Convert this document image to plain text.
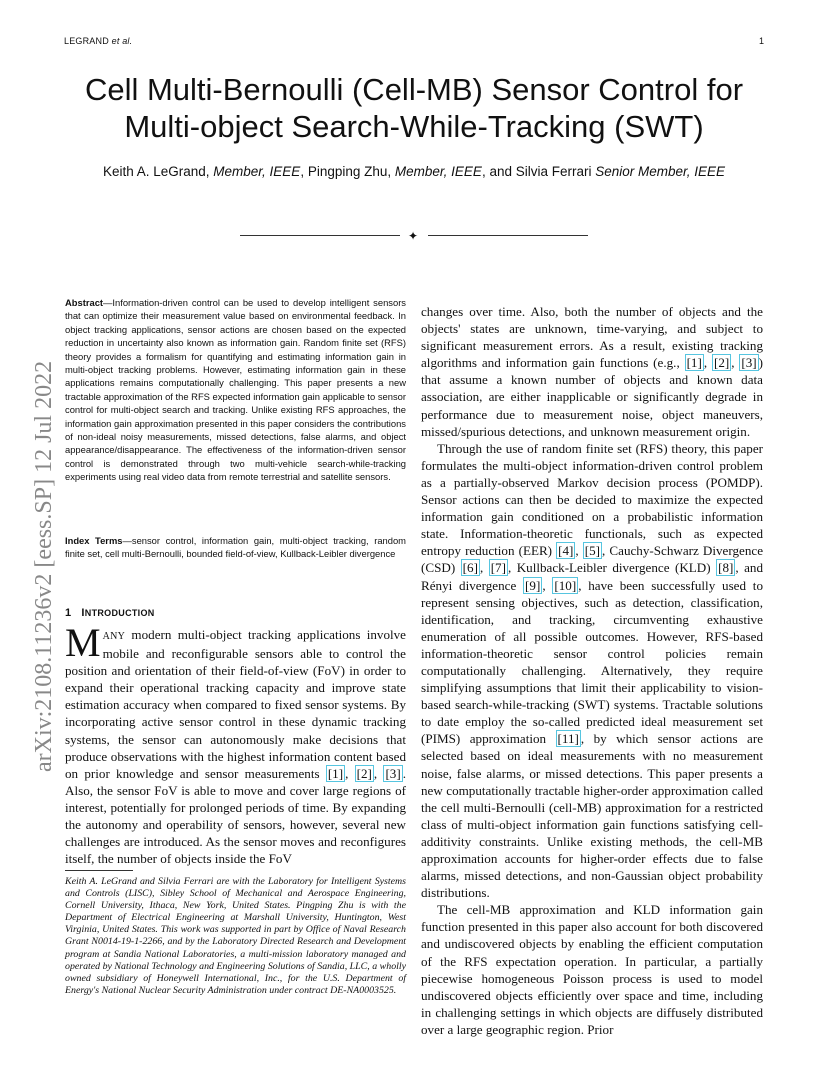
LEGRAND et al.	1
arXiv:2108.11236v2 [eess.SP] 12 Jul 2022
Cell Multi-Bernoulli (Cell-MB) Sensor Control for
Multi-object Search-While-Tracking (SWT)
Keith A. LeGrand, Member, IEEE, Pingping Zhu, Member, IEEE, and Silvia Ferrari Senior Member, IEEE
✦
Abstract—Information-driven control can be used to develop intelligent sensors that can optimize their measurement value based on environmental feedback. In object tracking applications, sensor actions are chosen based on the expected reduction in uncertainty also known as information gain. Random finite set (RFS) theory provides a formalism for quantifying and estimating information gain in multi-object tracking problems. However, estimating information gain in these applications remains computationally challenging. This paper presents a new tractable approximation of the RFS expected information gain applicable to sensor control for multi-object search and tracking. Unlike existing RFS approaches, the information gain approximation presented in this paper considers the contributions of non-ideal noisy measurements, missed detections, false alarms, and object appearance/disappearance. The effectiveness of the information-driven sensor control is demonstrated through two multi-vehicle search-while-tracking experiments using real video data from remote terrestrial and satellite sensors.
Index Terms—sensor control, information gain, multi-object tracking, random finite set, cell multi-Bernoulli, bounded field-of-view, Kullback-Leibler divergence
1 INTRODUCTION
MANY modern multi-object tracking applications involve mobile and reconfigurable sensors able to control the position and orientation of their field-of-view (FoV) in order to expand their operational tracking capacity and improve state estimation accuracy when compared to fixed sensor systems. By incorporating active sensor control in these dynamic tracking systems, the sensor can autonomously make decisions that produce observations with the highest information content based on prior knowledge and sensor measurements [1] , [2] , [3] . Also, the sensor FoV is able to move and cover large regions of interest, potentially for prolonged periods of time. By expanding the autonomy and operability of sensors, however, several new challenges are introduced. As the sensor moves and reconfigures itself, the number of objects inside the FoV
Keith A. LeGrand and Silvia Ferrari are with the Laboratory for Intelligent Systems and Controls (LISC), Sibley School of Mechanical and Aerospace Engineering, Cornell University, Ithaca, New York, United States. Pingping Zhu is with the Department of Electrical Engineering at Marshall University, Huntington, West Virginia, United States. This work was supported in part by Office of Naval Research Grant N0014-19-1-2266, and by the Laboratory Directed Research and Development program at Sandia National Laboratories, a multi-mission laboratory managed and operated by National Technology and Engineering Solutions of Sandia, LLC, a wholly owned subsidiary of Honeywell International, Inc., for the U.S. Department of Energy's National Nuclear Security Administration under contract DE-NA0003525.

changes over time. Also, both the number of objects and the objects' states are unknown, time-varying, and subject to significant measurement errors. As a result, existing tracking algorithms and information gain functions (e.g., [1] , [2] , [3] ) that assume a known number of objects and known data association, are either inapplicable or significantly degrade in performance due to measurement noise, object maneuvers, missed/spurious detections, and unknown measurement origin.

Through the use of random finite set (RFS) theory, this paper formulates the multi-object information-driven control problem as a partially-observed Markov decision process (POMDP). Sensor actions can then be decided to maximize the expected information gain conditioned on a probabilistic information state. Information-theoretic functionals, such as expected entropy reduction (EER) [4] , [5] , Cauchy-Schwarz Divergence (CSD) [6] , [7] , Kullback-Leibler divergence (KLD) [8] , and Rényi divergence [9] , [10] , have been successfully used to represent sensing objectives, such as detection, classification, identification, and tracking, circumventing exhaustive enumeration of all possible outcomes. However, RFS-based information-theoretic sensor control policies remain computationally challenging. Alternatively, they require simplifying assumptions that limit their applicability to vision-based search-while-tracking (SWT) systems. Tractable solutions to date employ the so-called predicted ideal measurement set (PIMS) approximation [11] , by which sensor actions are selected based on ideal measurements with no measurement noise, false alarms, or missed detections. This paper presents a new computationally tractable higher-order approximation called the cell multi-Bernoulli (cell-MB) approximation for a restricted class of multi-object information gain functions satisfying cell-additivity constraints. Unlike existing methods, the cell-MB approximation accounts for higher-order effects due to false alarms, missed detections, and non-Gaussian object probability distributions.

The cell-MB approximation and KLD information gain function presented in this paper also account for both discovered and undiscovered objects by enabling the efficient computation of the RFS expectation operation. In particular, a partially piecewise homogeneous Poisson process is used to model undiscovered objects efficiently over space and time, including in challenging settings in which objects are diffusely distributed over a large geographic region. Prior
